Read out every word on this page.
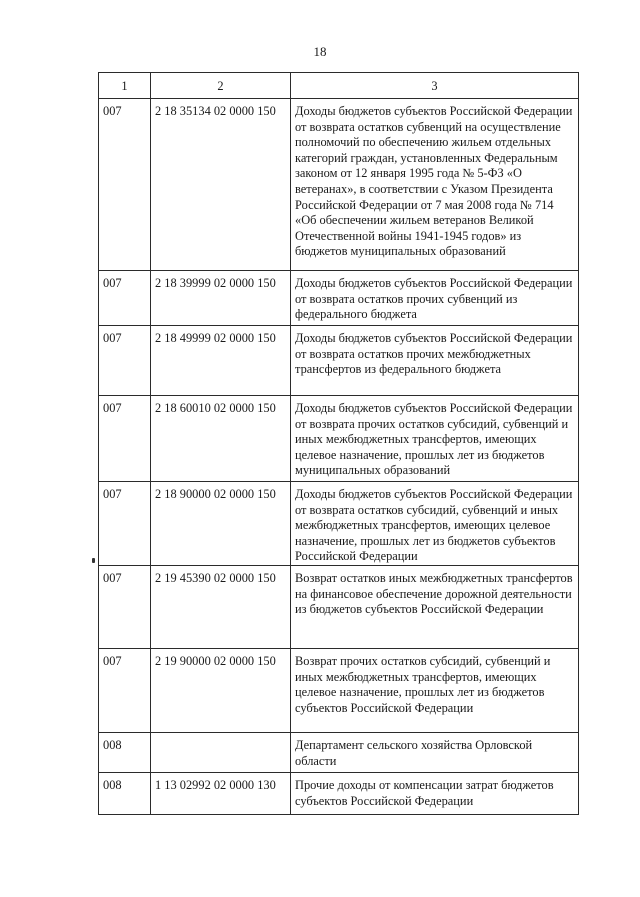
18
1	2	3
007	2 18 35134 02 0000 150	Доходы бюджетов субъектов Российской Федерации от возврата остатков субвенций на осуществление полномочий по обеспечению жильем отдельных категорий граждан, установленных Федеральным законом от 12 января 1995 года № 5-ФЗ «О ветеранах», в соответствии с Указом Президента Российской Федерации от 7 мая 2008 года № 714 «Об обеспечении жильем ветеранов Великой Отечественной войны 1941-1945 годов» из бюджетов муниципальных образований
007	2 18 39999 02 0000 150	Доходы бюджетов субъектов Российской Федерации от возврата остатков прочих субвенций из федерального бюджета
007	2 18 49999 02 0000 150	Доходы бюджетов субъектов Российской Федерации от возврата остатков прочих межбюджетных трансфертов из федерального бюджета
007	2 18 60010 02 0000 150	Доходы бюджетов субъектов Российской Федерации от возврата прочих остатков субсидий, субвенций и иных межбюджетных трансфертов, имеющих целевое назначение, прошлых лет из бюджетов муниципальных образований
007	2 18 90000 02 0000 150	Доходы бюджетов субъектов Российской Федерации от возврата остатков субсидий, субвенций и иных межбюджетных трансфертов, имеющих целевое назначение, прошлых лет из бюджетов субъектов Российской Федерации
007	2 19 45390 02 0000 150	Возврат остатков иных межбюджетных трансфертов на финансовое обеспечение дорожной деятельности из бюджетов субъектов Российской Федерации
007	2 19 90000 02 0000 150	Возврат прочих остатков субсидий, субвенций и иных межбюджетных трансфертов, имеющих целевое назначение, прошлых лет из бюджетов субъектов Российской Федерации
008		Департамент сельского хозяйства Орловской области
008	1 13 02992 02 0000 130	Прочие доходы от компенсации затрат бюджетов субъектов Российской Федерации
